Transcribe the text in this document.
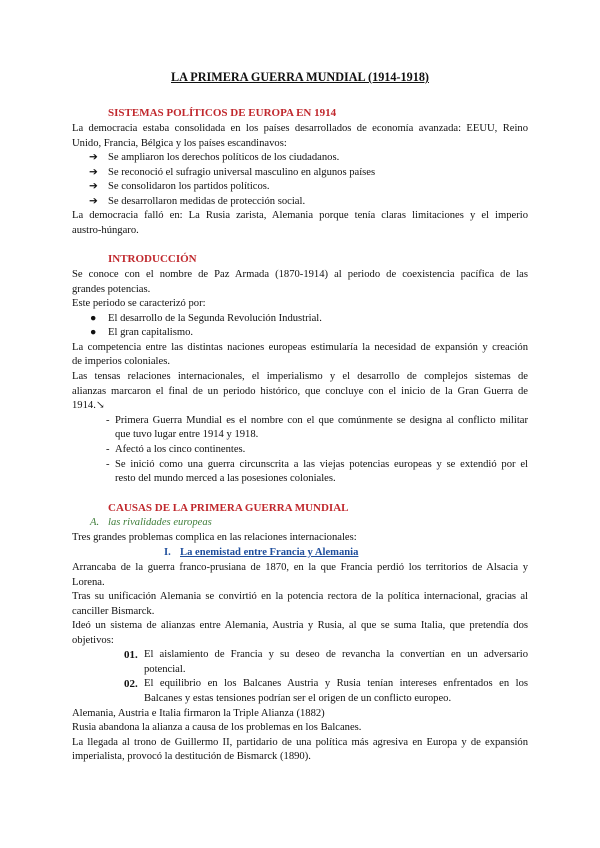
LA PRIMERA GUERRA MUNDIAL (1914-1918)
SISTEMAS POLÍTICOS DE EUROPA EN 1914
La democracia estaba consolidada en los países desarrollados de economía avanzada: EEUU, Reino
Unido, Francia, Bélgica y los países escandinavos:
➔ Se ampliaron los derechos políticos de los ciudadanos.
➔ Se reconoció el sufragio universal masculino en algunos países
➔ Se consolidaron los partidos políticos.
➔ Se desarrollaron medidas de protección social.
La democracia falló en: La Rusia zarista, Alemania porque tenía claras limitaciones y el imperio
austro-húngaro.
INTRODUCCIÓN
Se conoce con el nombre de Paz Armada (1870-1914) al periodo de coexistencia pacífica de las
grandes potencias.
Este periodo se caracterizó por:
● El desarrollo de la Segunda Revolución Industrial.
● El gran capitalismo.
La competencia entre las distintas naciones europeas estimularía la necesidad de expansión y creación
de imperios coloniales.
Las tensas relaciones internacionales, el imperialismo y el desarrollo de complejos sistemas de
alianzas marcaron el final de un periodo histórico, que concluye con el inicio de la Gran Guerra de
1914.↘
- Primera Guerra Mundial es el nombre con el que comúnmente se designa al conflicto militar
que tuvo lugar entre 1914 y 1918.
- Afectó a los cinco continentes.
- Se inició como una guerra circunscrita a las viejas potencias europeas y se extendió por el
resto del mundo merced a las posesiones coloniales.
CAUSAS DE LA PRIMERA GUERRA MUNDIAL
A. las rivalidades europeas
Tres grandes problemas complica en las relaciones internacionales:
I. La enemistad entre Francia y Alemania
Arrancaba de la guerra franco-prusiana de 1870, en la que Francia perdió los territorios de Alsacia y
Lorena.
Tras su unificación Alemania se convirtió en la potencia rectora de la política internacional, gracias al
canciller Bismarck.
Ideó un sistema de alianzas entre Alemania, Austria y Rusia, al que se suma Italia, que pretendía dos
objetivos:
01. El aislamiento de Francia y su deseo de revancha la convertían en un adversario
potencial.
02. El equilibrio en los Balcanes Austria y Rusia tenían intereses enfrentados en los
Balcanes y estas tensiones podrían ser el origen de un conflicto europeo.
Alemania, Austria e Italia firmaron la Triple Alianza (1882)
Rusia abandona la alianza a causa de los problemas en los Balcanes.
La llegada al trono de Guillermo II, partidario de una política más agresiva en Europa y de expansión
imperialista, provocó la destitución de Bismarck (1890).
